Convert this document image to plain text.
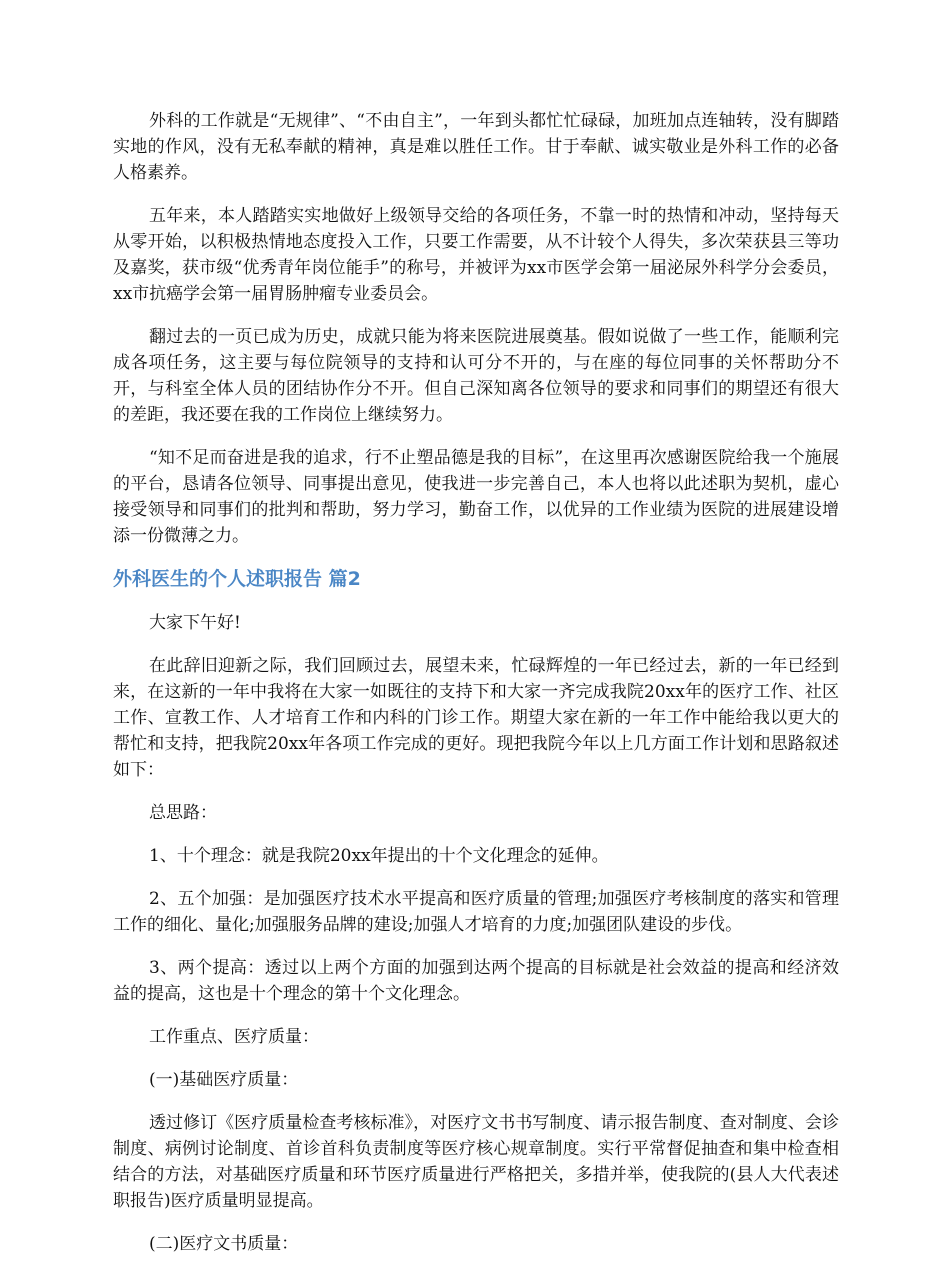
外科的工作就是“无规律”、“不由自主”，一年到头都忙忙碌碌，加班加点连轴转，没有脚踏实地的作风，没有无私奉献的精神，真是难以胜任工作。甘于奉献、诚实敬业是外科工作的必备人格素养。

五年来，本人踏踏实实地做好上级领导交给的各项任务，不靠一时的热情和冲动，坚持每天从零开始，以积极热情地态度投入工作，只要工作需要，从不计较个人得失，多次荣获县三等功及嘉奖，获市级“优秀青年岗位能手”的称号，并被评为xx市医学会第一届泌尿外科学分会委员，xx市抗癌学会第一届胃肠肿瘤专业委员会。

翻过去的一页已成为历史，成就只能为将来医院进展奠基。假如说做了一些工作，能顺利完成各项任务，这主要与每位院领导的支持和认可分不开的，与在座的每位同事的关怀帮助分不开，与科室全体人员的团结协作分不开。但自己深知离各位领导的要求和同事们的期望还有很大的差距，我还要在我的工作岗位上继续努力。

“知不足而奋进是我的追求，行不止塑品德是我的目标”，在这里再次感谢医院给我一个施展的平台，恳请各位领导、同事提出意见，使我进一步完善自己，本人也将以此述职为契机，虚心接受领导和同事们的批判和帮助，努力学习，勤奋工作，以优异的工作业绩为医院的进展建设增添一份微薄之力。

外科医生的个人述职报告 篇2

大家下午好!

在此辞旧迎新之际，我们回顾过去，展望未来，忙碌辉煌的一年已经过去，新的一年已经到来，在这新的一年中我将在大家一如既往的支持下和大家一齐完成我院20xx年的医疗工作、社区工作、宣教工作、人才培育工作和内科的门诊工作。期望大家在新的一年工作中能给我以更大的帮忙和支持，把我院20xx年各项工作完成的更好。现把我院今年以上几方面工作计划和思路叙述如下：

总思路：

1、十个理念：就是我院20xx年提出的十个文化理念的延伸。

2、五个加强：是加强医疗技术水平提高和医疗质量的管理;加强医疗考核制度的落实和管理工作的细化、量化;加强服务品牌的建设;加强人才培育的力度;加强团队建设的步伐。

3、两个提高：透过以上两个方面的加强到达两个提高的目标就是社会效益的提高和经济效益的提高，这也是十个理念的第十个文化理念。

工作重点、医疗质量：

(一)基础医疗质量：

透过修订《医疗质量检查考核标准》，对医疗文书书写制度、请示报告制度、查对制度、会诊制度、病例讨论制度、首诊首科负责制度等医疗核心规章制度。实行平常督促抽查和集中检查相结合的方法，对基础医疗质量和环节医疗质量进行严格把关，多措并举，使我院的(县人大代表述职报告)医疗质量明显提高。

(二)医疗文书质量：
